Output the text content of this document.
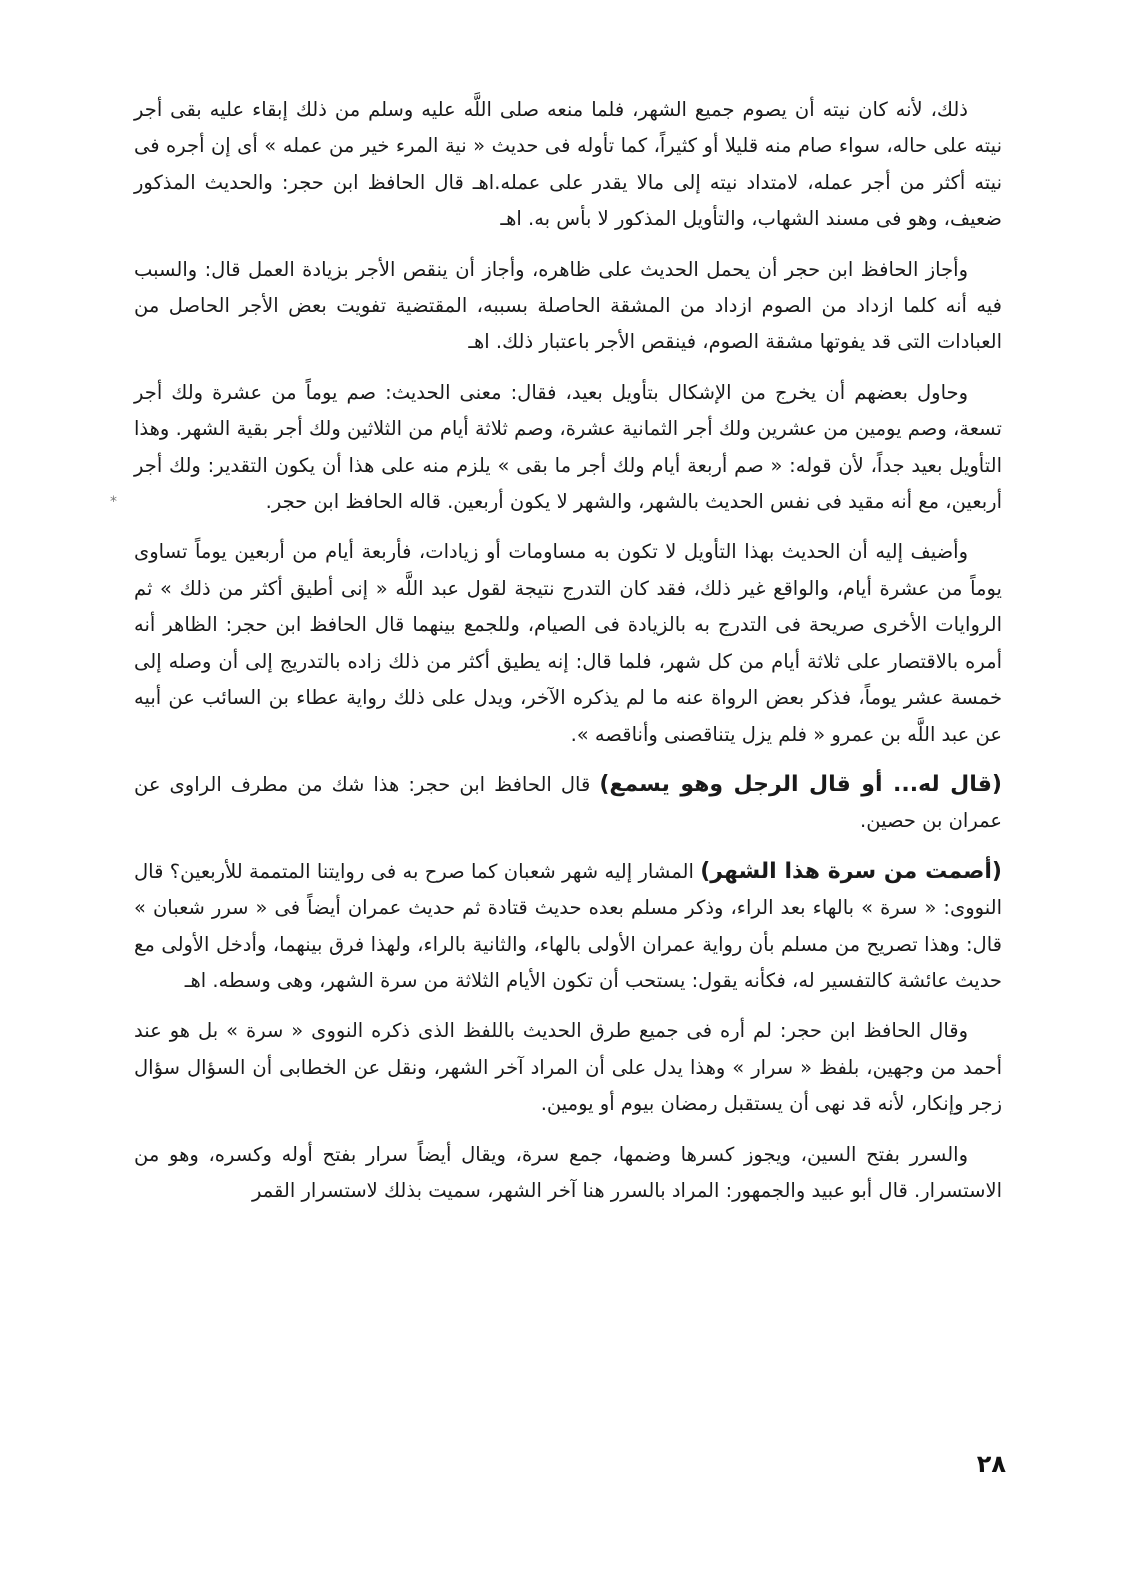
ذلك، لأنه كان نيته أن يصوم جميع الشهر، فلما منعه صلى اللَّه عليه وسلم من ذلك إبقاء عليه بقى أجر نيته على حاله، سواء صام منه قليلا أو كثيراً، كما تأوله فى حديث « نية المرء خير من عمله » أى إن أجره فى نيته أكثر من أجر عمله، لامتداد نيته إلى مالا يقدر على عمله.اهـ قال الحافظ ابن حجر: والحديث المذكور ضعيف، وهو فى مسند الشهاب، والتأويل المذكور لا بأس به. اهـ

وأجاز الحافظ ابن حجر أن يحمل الحديث على ظاهره، وأجاز أن ينقص الأجر بزيادة العمل قال: والسبب فيه أنه كلما ازداد من الصوم ازداد من المشقة الحاصلة بسببه، المقتضية تفويت بعض الأجر الحاصل من العبادات التى قد يفوتها مشقة الصوم، فينقص الأجر باعتبار ذلك. اهـ

وحاول بعضهم أن يخرج من الإشكال بتأويل بعيد، فقال: معنى الحديث: صم يوماً من عشرة ولك أجر تسعة، وصم يومين من عشرين ولك أجر الثمانية عشرة، وصم ثلاثة أيام من الثلاثين ولك أجر بقية الشهر. وهذا التأويل بعيد جداً، لأن قوله: « صم أربعة أيام ولك أجر ما بقى » يلزم منه على هذا أن يكون التقدير: ولك أجر أربعين، مع أنه مقيد فى نفس الحديث بالشهر، والشهر لا يكون أربعين. قاله الحافظ ابن حجر.

وأضيف إليه أن الحديث بهذا التأويل لا تكون به مساومات أو زيادات، فأربعة أيام من أربعين يوماً تساوى يوماً من عشرة أيام، والواقع غير ذلك، فقد كان التدرج نتيجة لقول عبد اللَّه « إنى أطيق أكثر من ذلك » ثم الروايات الأخرى صريحة فى التدرج به بالزيادة فى الصيام، وللجمع بينهما قال الحافظ ابن حجر: الظاهر أنه أمره بالاقتصار على ثلاثة أيام من كل شهر، فلما قال: إنه يطيق أكثر من ذلك زاده بالتدريج إلى أن وصله إلى خمسة عشر يوماً، فذكر بعض الرواة عنه ما لم يذكره الآخر، ويدل على ذلك رواية عطاء بن السائب عن أبيه عن عبد اللَّه بن عمرو « فلم يزل يتناقصنى وأناقصه ».

(قال له... أو قال الرجل وهو يسمع) قال الحافظ ابن حجر: هذا شك من مطرف الراوى عن عمران بن حصين.

(أصمت من سرة هذا الشهر) المشار إليه شهر شعبان كما صرح به فى روايتنا المتممة للأربعين؟ قال النووى: « سرة » بالهاء بعد الراء، وذكر مسلم بعده حديث قتادة ثم حديث عمران أيضاً فى « سرر شعبان » قال: وهذا تصريح من مسلم بأن رواية عمران الأولى بالهاء، والثانية بالراء، ولهذا فرق بينهما، وأدخل الأولى مع حديث عائشة كالتفسير له، فكأنه يقول: يستحب أن تكون الأيام الثلاثة من سرة الشهر، وهى وسطه. اهـ

وقال الحافظ ابن حجر: لم أره فى جميع طرق الحديث باللفظ الذى ذكره النووى « سرة » بل هو عند أحمد من وجهين، بلفظ « سرار » وهذا يدل على أن المراد آخر الشهر، ونقل عن الخطابى أن السؤال سؤال زجر وإنكار، لأنه قد نهى أن يستقبل رمضان بيوم أو يومين.

والسرر بفتح السين، ويجوز كسرها وضمها، جمع سرة، ويقال أيضاً سرار بفتح أوله وكسره، وهو من الاستسرار. قال أبو عبيد والجمهور: المراد بالسرر هنا آخر الشهر، سميت بذلك لاستسرار القمر

*
٢٨
